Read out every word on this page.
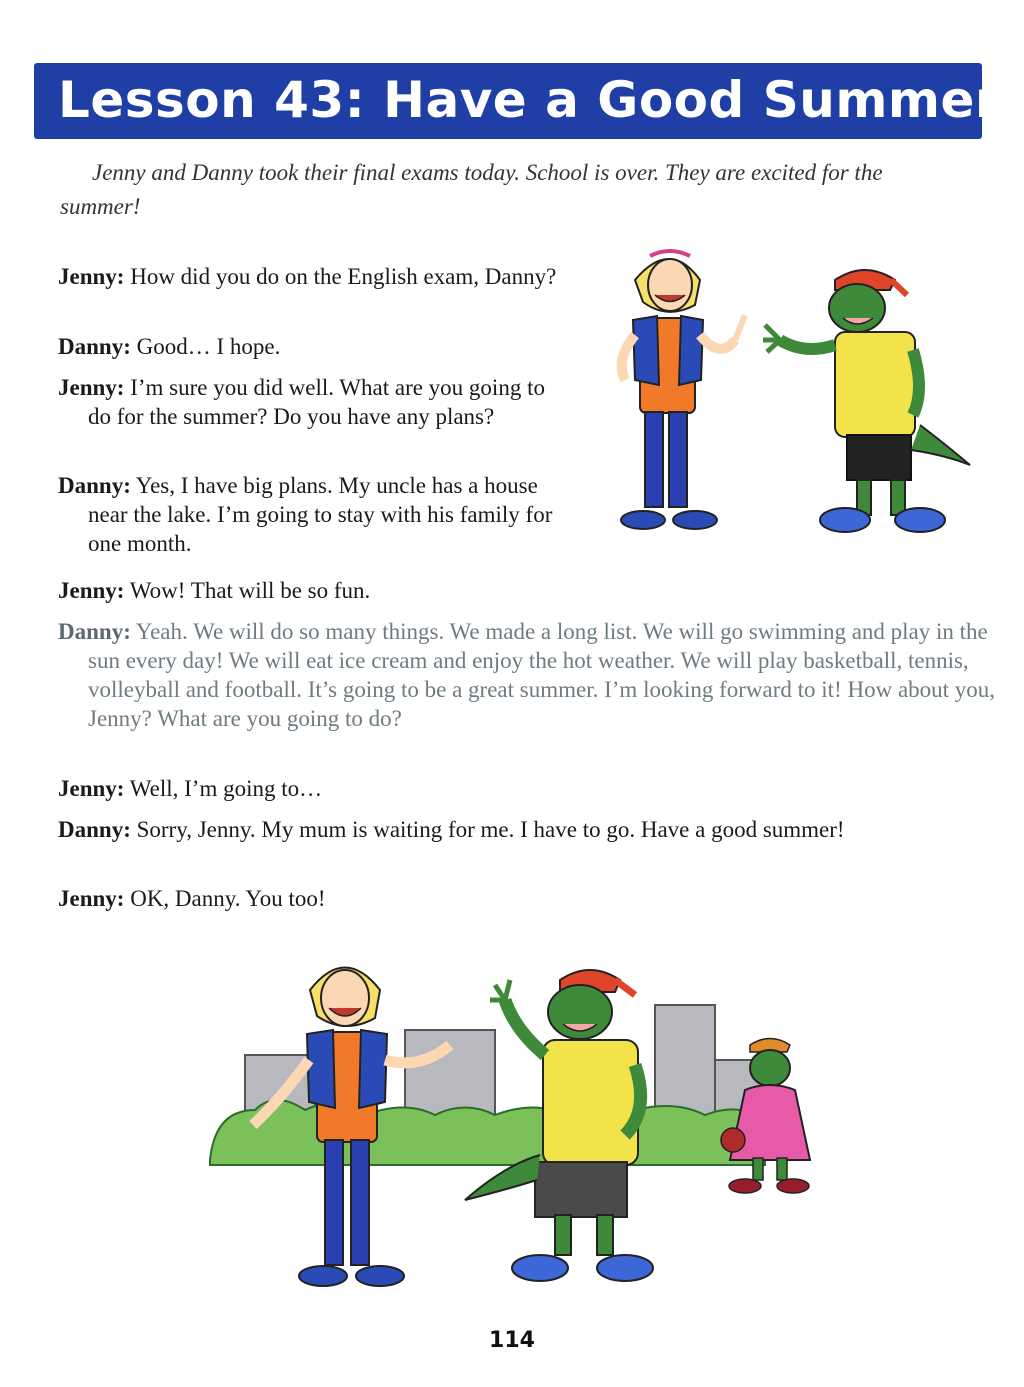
Lesson 43: Have a Good Summer!
Jenny and Danny took their final exams today. School is over. They are excited for the summer!
Jenny: How did you do on the English exam, Danny?
Danny: Good… I hope.
Jenny: I’m sure you did well. What are you going to do for the summer? Do you have any plans?
Danny: Yes, I have big plans. My uncle has a house near the lake. I’m going to stay with his family for one month.
Jenny: Wow! That will be so fun.
Danny: Yeah. We will do so many things. We made a long list. We will go swimming and play in the sun every day! We will eat ice cream and enjoy the hot weather. We will play basketball, tennis, volleyball and football. It’s going to be a great summer. I’m looking forward to it! How about you, Jenny? What are you going to do?
Jenny: Well, I’m going to…
Danny: Sorry, Jenny. My mum is waiting for me. I have to go. Have a good summer!
Jenny: OK, Danny. You too!
114
